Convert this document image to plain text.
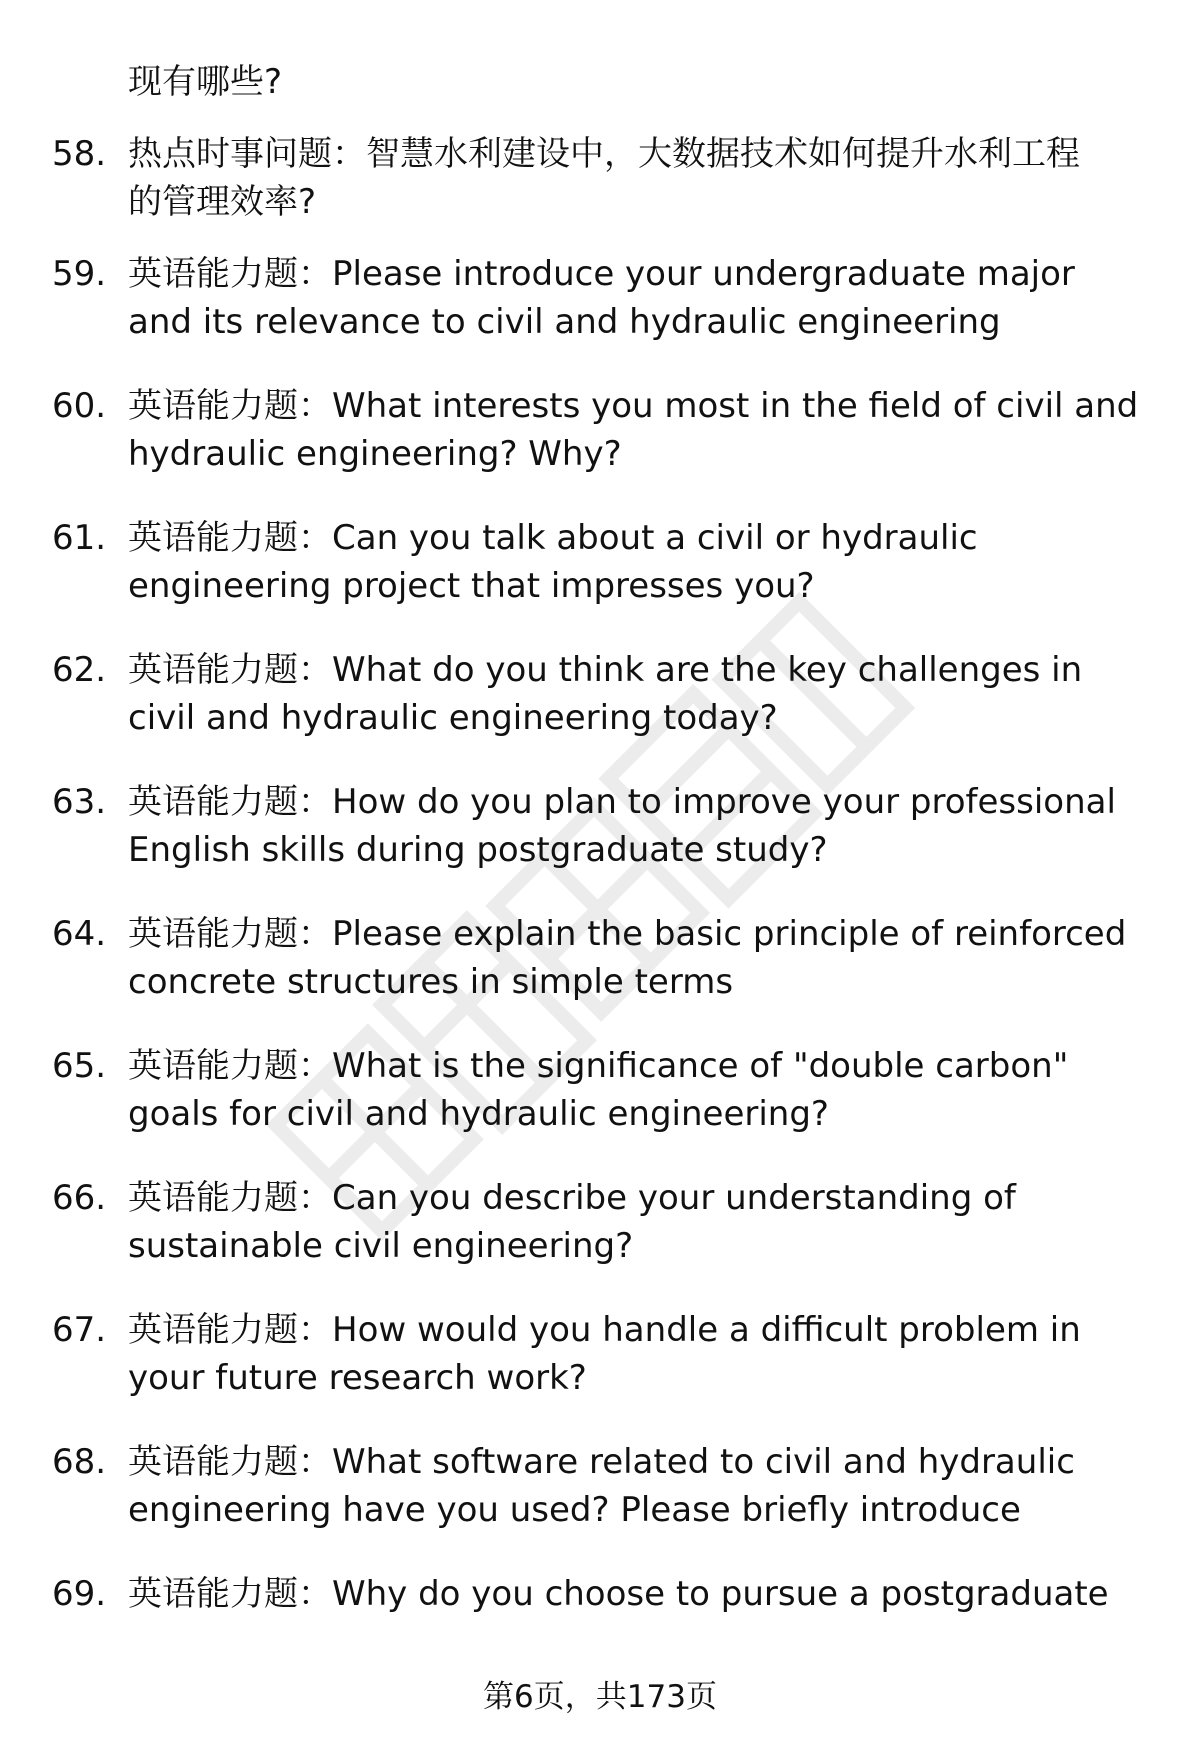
现有哪些?
58. 热点时事问题：智慧水利建设中，大数据技术如何提升水利工程
的管理效率?
59. 英语能力题：Please introduce your undergraduate major
and its relevance to civil and hydraulic engineering
60. 英语能力题：What interests you most in the field of civil and
hydraulic engineering? Why?
61. 英语能力题：Can you talk about a civil or hydraulic
engineering project that impresses you?
62. 英语能力题：What do you think are the key challenges in
civil and hydraulic engineering today?
63. 英语能力题：How do you plan to improve your professional
English skills during postgraduate study?
64. 英语能力题：Please explain the basic principle of reinforced
concrete structures in simple terms
65. 英语能力题：What is the significance of "double carbon"
goals for civil and hydraulic engineering?
66. 英语能力题：Can you describe your understanding of
sustainable civil engineering?
67. 英语能力题：How would you handle a difficult problem in
your future research work?
68. 英语能力题：What software related to civil and hydraulic
engineering have you used? Please briefly introduce
69. 英语能力题：Why do you choose to pursue a postgraduate
第6页，共173页
